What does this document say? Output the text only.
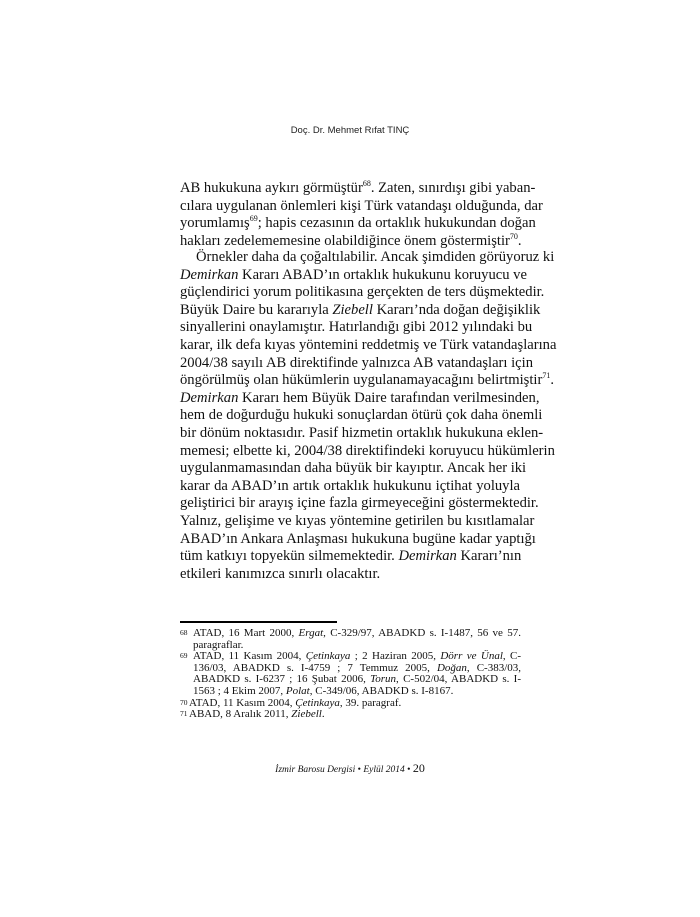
Doç. Dr. Mehmet Rıfat TINÇ
AB hukukuna aykırı görmüştür$^{68}$. Zaten, sınırdışı gibi yaban-
cılara uygulanan önlemleri kişi Türk vatandaşı olduğunda, dar
yorumlamış$^{69}$; hapis cezasının da ortaklık hukukundan doğan
hakları zedelememesine olabildiğince önem göstermiştir$^{70}$.
Örnekler daha da çoğaltılabilir. Ancak şimdiden görüyoruz ki
Demirkan Kararı ABAD’ın ortaklık hukukunu koruyucu ve
güçlendirici yorum politikasına gerçekten de ters düşmektedir.
Büyük Daire bu kararıyla Ziebell Kararı’nda doğan değişiklik
sinyallerini onaylamıştır. Hatırlandığı gibi 2012 yılındaki bu
karar, ilk defa kıyas yöntemini reddetmiş ve Türk vatandaşlarına
2004/38 sayılı AB direktifinde yalnızca AB vatandaşları için
öngörülmüş olan hükümlerin uygulanamayacağını belirtmiştir$^{71}$.
Demirkan Kararı hem Büyük Daire tarafından verilmesinden,
hem de doğurduğu hukuki sonuçlardan ötürü çok daha önemli
bir dönüm noktasıdır. Pasif hizmetin ortaklık hukukuna eklen-
memesi; elbette ki, 2004/38 direktifindeki koruyucu hükümlerin
uygulanmamasından daha büyük bir kayıptır. Ancak her iki
karar da ABAD’ın artık ortaklık hukukunu içtihat yoluyla
geliştirici bir arayış içine fazla girmeyeceğini göstermektedir.
Yalnız, gelişime ve kıyas yöntemine getirilen bu kısıtlamalar
ABAD’ın Ankara Anlaşması hukukuna bugüne kadar yaptığı
tüm katkıyı topyekün silmemektedir. Demirkan Kararı’nın
etkileri kanımızca sınırlı olacaktır.
68 ATAD, 16 Mart 2000, Ergat, C-329/97, ABADKD s. I-1487, 56 ve 57.
paragraflar.
69 ATAD, 11 Kasım 2004, Çetinkaya ; 2 Haziran 2005, Dörr ve Ünal, C-
136/03, ABADKD s. I-4759 ; 7 Temmuz 2005, Doğan, C-383/03,
ABADKD s. I-6237 ; 16 Şubat 2006, Torun, C-502/04, ABADKD s. I-
1563 ; 4 Ekim 2007, Polat, C-349/06, ABADKD s. I-8167.
70 ATAD, 11 Kasım 2004, Çetinkaya, 39. paragraf.
71 ABAD, 8 Aralık 2011, Ziebell.
İzmir Barosu Dergisi • Eylül 2014 • 20
